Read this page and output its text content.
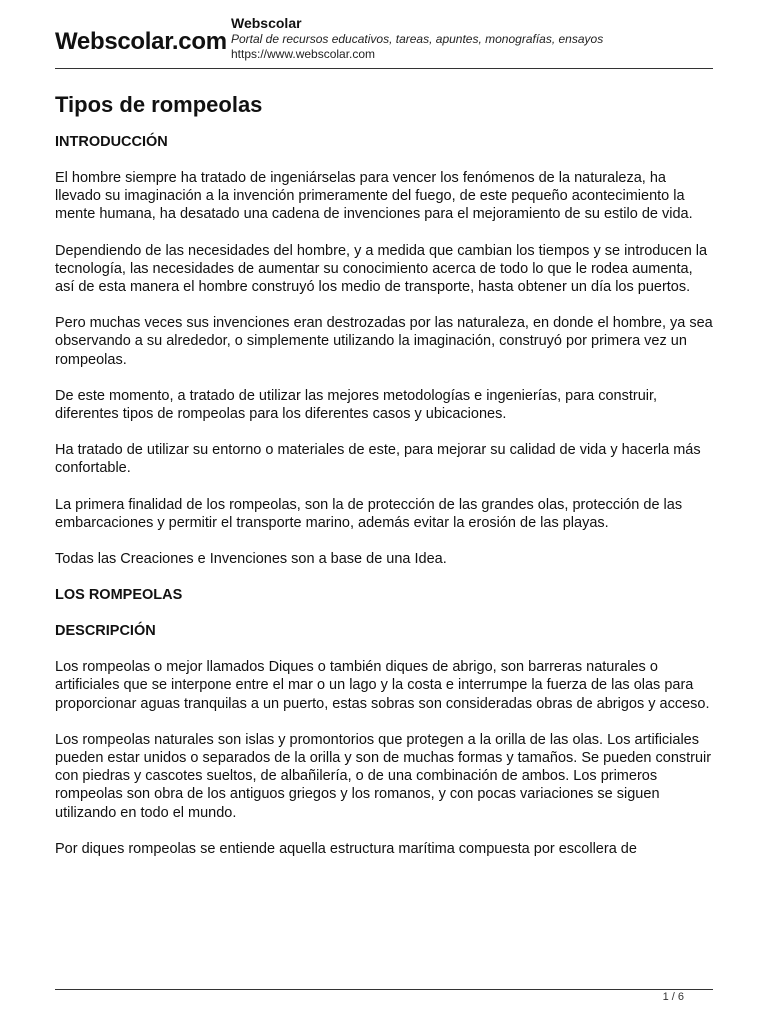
Webscolar.com
Webscolar
Portal de recursos educativos, tareas, apuntes, monografías, ensayos
https://www.webscolar.com
Tipos de rompeolas
INTRODUCCIÓN

El hombre siempre ha tratado de ingeniárselas para vencer los fenómenos de la naturaleza, ha llevado su imaginación a la invención primeramente del fuego, de este pequeño acontecimiento la mente humana, ha desatado una cadena de invenciones para el mejoramiento de su estilo de vida.

Dependiendo de las necesidades del hombre, y a medida que cambian los tiempos y se introducen la tecnología, las necesidades de aumentar su conocimiento acerca de todo lo que le rodea aumenta, así de esta manera el hombre construyó los medio de transporte, hasta obtener un día los puertos.

Pero muchas veces sus invenciones eran destrozadas por las naturaleza, en donde el hombre, ya sea observando a su alrededor, o simplemente utilizando la imaginación, construyó por primera vez un rompeolas.

De este momento, a tratado de utilizar las mejores metodologías e ingenierías, para construir, diferentes tipos de rompeolas para los diferentes casos y ubicaciones.

Ha tratado de utilizar su entorno o materiales de este, para mejorar su calidad de vida y hacerla más confortable.

La primera finalidad de los rompeolas, son la de protección de las grandes olas, protección de las embarcaciones y permitir el transporte marino, además evitar la erosión de las playas.

Todas las Creaciones e Invenciones son a base de una Idea.

LOS ROMPEOLAS
DESCRIPCIÓN

Los rompeolas o mejor llamados Diques o también diques de abrigo, son barreras naturales o artificiales que se interpone entre el mar o un lago y la costa e interrumpe la fuerza de las olas para proporcionar aguas tranquilas a un puerto, estas sobras son consideradas obras de abrigos y acceso.

Los rompeolas naturales son islas y promontorios que protegen a la orilla de las olas. Los artificiales pueden estar unidos o separados de la orilla y son de muchas formas y tamaños. Se pueden construir con piedras y cascotes sueltos, de albañilería, o de una combinación de ambos. Los primeros rompeolas son obra de los antiguos griegos y los romanos, y con pocas variaciones se siguen utilizando en todo el mundo.

Por diques rompeolas se entiende aquella estructura marítima compuesta por escollera de

1 / 6
